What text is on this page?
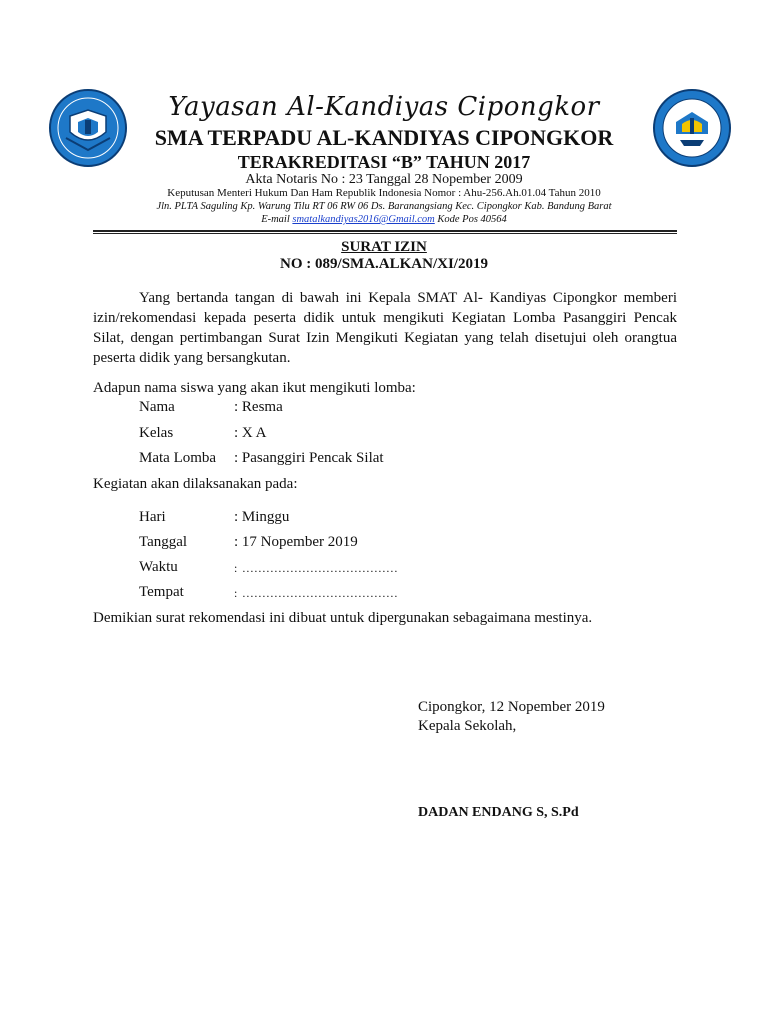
Yayasan Al-Kandiyas Cipongkor
SMA TERPADU AL-KANDIYAS CIPONGKOR
TERAKREDITASI “B” TAHUN 2017
Akta Notaris No : 23 Tanggal 28 Nopember 2009
Keputusan Menteri Hukum Dan Ham Republik Indonesia Nomor : Ahu-256.Ah.01.04 Tahun 2010
Jln. PLTA Saguling Kp. Warung Tilu RT 06 RW 06 Ds. Baranangsiang Kec. Cipongkor Kab. Bandung Barat
E-mail smatalkandiyas2016@Gmail.com Kode Pos 40564
SURAT IZIN
NO : 089/SMA.ALKAN/XI/2019
Yang bertanda tangan di bawah ini Kepala SMAT Al- Kandiyas Cipongkor memberi izin/rekomendasi kepada peserta didik untuk mengikuti Kegiatan Lomba Pasanggiri Pencak Silat, dengan pertimbangan Surat Izin Mengikuti Kegiatan yang telah disetujui oleh orangtua peserta didik yang bersangkutan.
Adapun nama siswa yang akan ikut mengikuti lomba:
Nama	: Resma
Kelas	: X A
Mata Lomba : Pasanggiri Pencak Silat
Kegiatan akan dilaksanakan pada:
Hari	: Minggu
Tanggal	: 17 Nopember 2019
Waktu	: .......................................
Tempat	: .......................................
Demikian surat rekomendasi ini dibuat untuk dipergunakan sebagaimana mestinya.
Cipongkor, 12 Nopember 2019
Kepala Sekolah,
DADAN ENDANG S, S.Pd
